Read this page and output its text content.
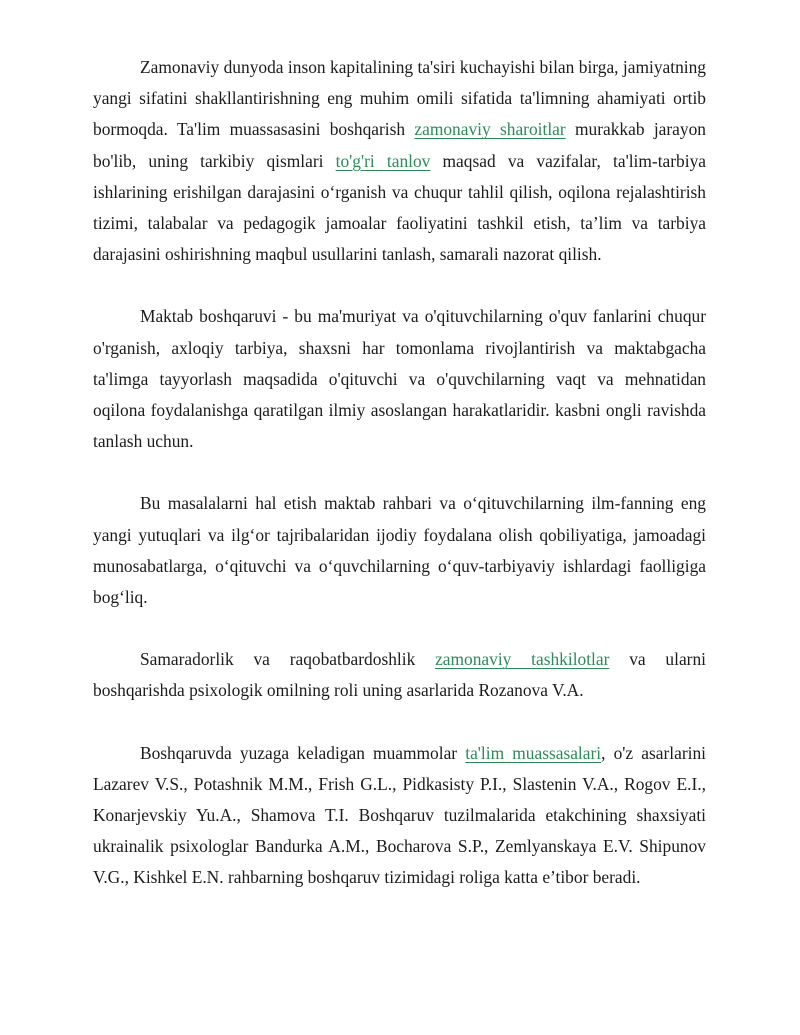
Zamonaviy dunyoda inson kapitalining ta'siri kuchayishi bilan birga, jamiyatning yangi sifatini shakllantirishning eng muhim omili sifatida ta'limning ahamiyati ortib bormoqda. Ta'lim muassasasini boshqarish zamonaviy sharoitlar murakkab jarayon bo'lib, uning tarkibiy qismlari to'g'ri tanlov maqsad va vazifalar, ta'lim-tarbiya ishlarining erishilgan darajasini o‘rganish va chuqur tahlil qilish, oqilona rejalashtirish tizimi, talabalar va pedagogik jamoalar faoliyatini tashkil etish, ta’lim va tarbiya darajasini oshirishning maqbul usullarini tanlash, samarali nazorat qilish.

Maktab boshqaruvi - bu ma'muriyat va o'qituvchilarning o'quv fanlarini chuqur o'rganish, axloqiy tarbiya, shaxsni har tomonlama rivojlantirish va maktabgacha ta'limga tayyorlash maqsadida o'qituvchi va o'quvchilarning vaqt va mehnatidan oqilona foydalanishga qaratilgan ilmiy asoslangan harakatlaridir. kasbni ongli ravishda tanlash uchun.

Bu masalalarni hal etish maktab rahbari va o‘qituvchilarning ilm-fanning eng yangi yutuqlari va ilg‘or tajribalaridan ijodiy foydalana olish qobiliyatiga, jamoadagi munosabatlarga, o‘qituvchi va o‘quvchilarning o‘quv-tarbiyaviy ishlardagi faolligiga bog‘liq.

Samaradorlik va raqobatbardoshlik zamonaviy tashkilotlar va ularni boshqarishda psixologik omilning roli uning asarlarida Rozanova V.A.

Boshqaruvda yuzaga keladigan muammolar ta'lim muassasalari, o'z asarlarini Lazarev V.S., Potashnik M.M., Frish G.L., Pidkasisty P.I., Slastenin V.A., Rogov E.I., Konarjevskiy Yu.A., Shamova T.I. Boshqaruv tuzilmalarida etakchining shaxsiyati ukrainalik psixologlar Bandurka A.M., Bocharova S.P., Zemlyanskaya E.V. Shipunov V.G., Kishkel E.N. rahbarning boshqaruv tizimidagi roliga katta e’tibor beradi.
